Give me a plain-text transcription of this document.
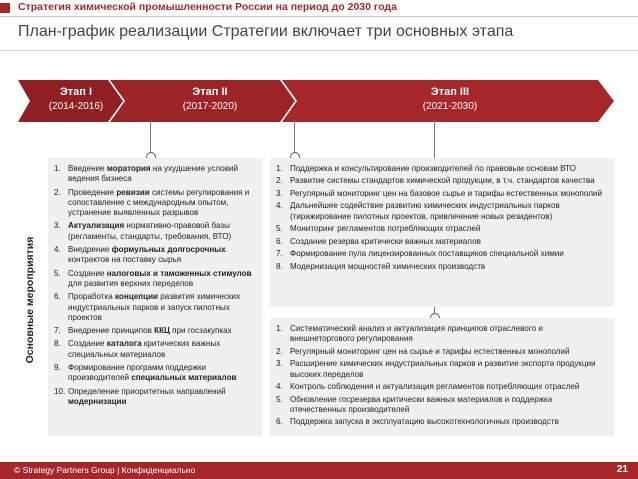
Стратегия химической промышленности России на период до 2030 года
План-график реализации Стратегии включает три основных этапа
Этап I
(2014-2016)
Этап II
(2017-2020)
Этап III
(2021-2030)
Основные мероприятия
1. Введение моратория на ухудшение условий ведения бизнеса
2. Проведение ревизии системы регулирования и сопоставление с международным опытом, устранение выявленных разрывов
3. Актуализация нормативно-правовой базы (регламенты, стандарты, требования, ВТО)
4. Внедрение формульных долгосрочных контрактов на поставку сырья
5. Создание налоговых и таможенных стимулов для развития верхних переделов
6. Проработка концепции развития химических индустриальных парков и запуск пилотных проектов
7. Внедрение принципов ККЦ при госзакупках
8. Создание каталога критических важных специальных материалов
9. Формирование программ поддержки производителей специальных материалов
10. Определение приоритетных направлений модернизации
1. Поддержка и консультирование производителей по правовым основам ВТО
2. Развитие системы стандартов химической продукции, в т.ч. стандартов качества
3. Регулярный мониторинг цен на базовое сырье и тарифы естественных монополий
4. Дальнейшее содействие развитию химических индустриальных парков (тиражирование пилотных проектов, привлечение новых резидентов)
5. Мониторинг регламентов потребляющих отраслей
6. Создание резерва критически важных материалов
7. Формирование пула лицензированных поставщиков специальной химии
8. Модернизация мощностей химических производств
1. Систематический анализ и актуализация принципов отраслевого и внешнеторгового регулирования
2. Регулярный мониторинг цен на сырье и тарифы естественных монополий
3. Расширение химических индустриальных парков и развитие экспорта продукции высоких переделов
4. Контроль соблюдения и актуализация регламентов потребляющих отраслей
5. Обновление госрезерва критически важных материалов и поддержка отечественных производителей
6. Поддержка запуска в эксплуатацию высокотехнологичных производств
© Strategy Partners Group | Конфиденциально	21
